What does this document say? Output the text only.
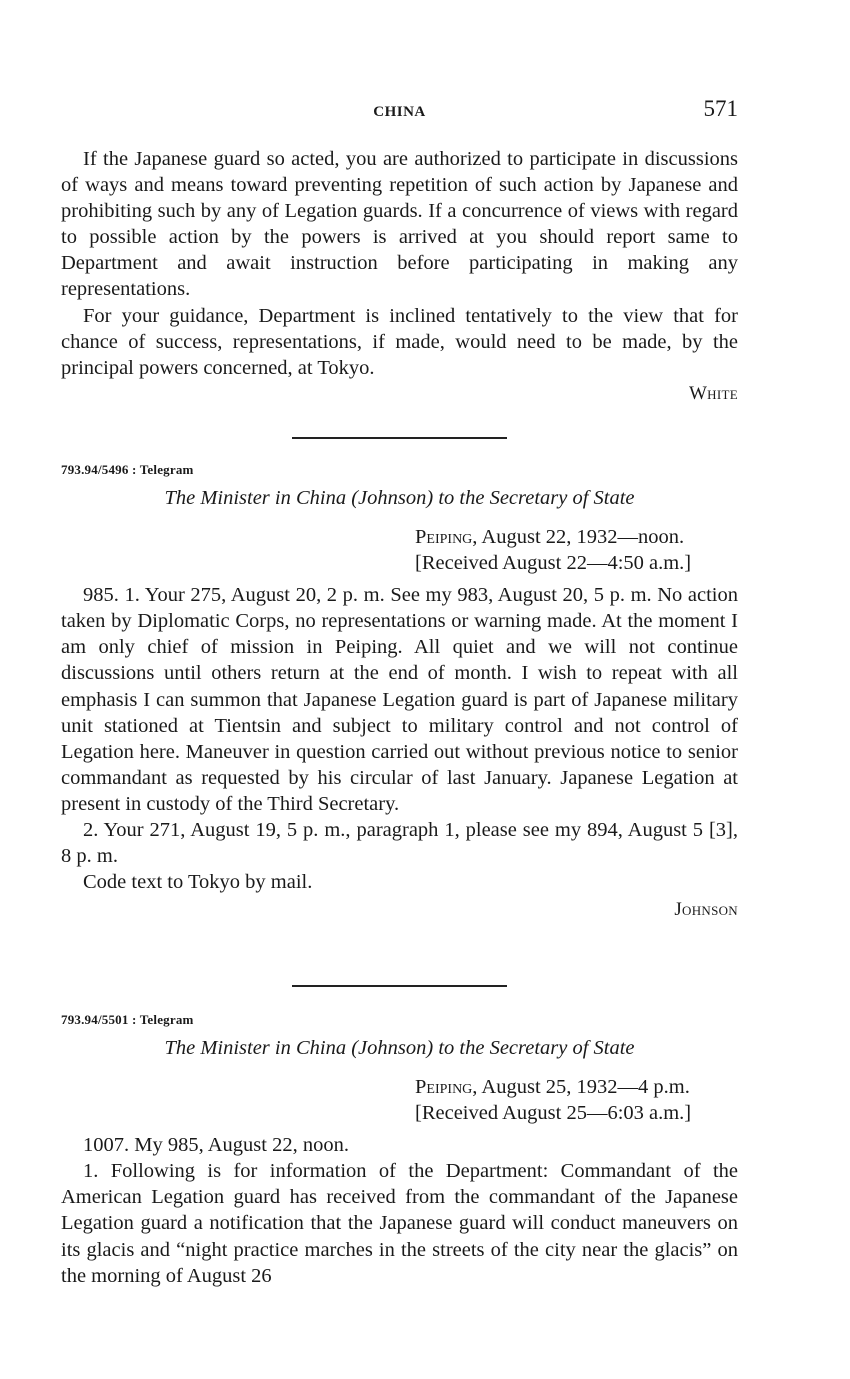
CHINA	571

If the Japanese guard so acted, you are authorized to participate in discussions of ways and means toward preventing repetition of such action by Japanese and prohibiting such by any of Legation guards. If a concurrence of views with regard to possible action by the powers is arrived at you should report same to Department and await instruction before participating in making any representations.

For your guidance, Department is inclined tentatively to the view that for chance of success, representations, if made, would need to be made, by the principal powers concerned, at Tokyo.

White
793.94/5496 : Telegram
The Minister in China (Johnson) to the Secretary of State
Peiping, August 22, 1932—noon.
[Received August 22—4:50 a.m.]

985. 1. Your 275, August 20, 2 p. m. See my 983, August 20, 5 p. m. No action taken by Diplomatic Corps, no representations or warning made. At the moment I am only chief of mission in Peiping. All quiet and we will not continue discussions until others return at the end of month. I wish to repeat with all emphasis I can summon that Japanese Legation guard is part of Japanese military unit stationed at Tientsin and subject to military control and not control of Legation here. Maneuver in question carried out without previous notice to senior commandant as requested by his circular of last January. Japanese Legation at present in custody of the Third Secretary.

2. Your 271, August 19, 5 p. m., paragraph 1, please see my 894, August 5 [3], 8 p. m.

Code text to Tokyo by mail.

Johnson
793.94/5501 : Telegram
The Minister in China (Johnson) to the Secretary of State
Peiping, August 25, 1932—4 p.m.
[Received August 25—6:03 a.m.]

1007. My 985, August 22, noon.

1. Following is for information of the Department: Commandant of the American Legation guard has received from the commandant of the Japanese Legation guard a notification that the Japanese guard will conduct maneuvers on its glacis and “night practice marches in the streets of the city near the glacis” on the morning of August 26
